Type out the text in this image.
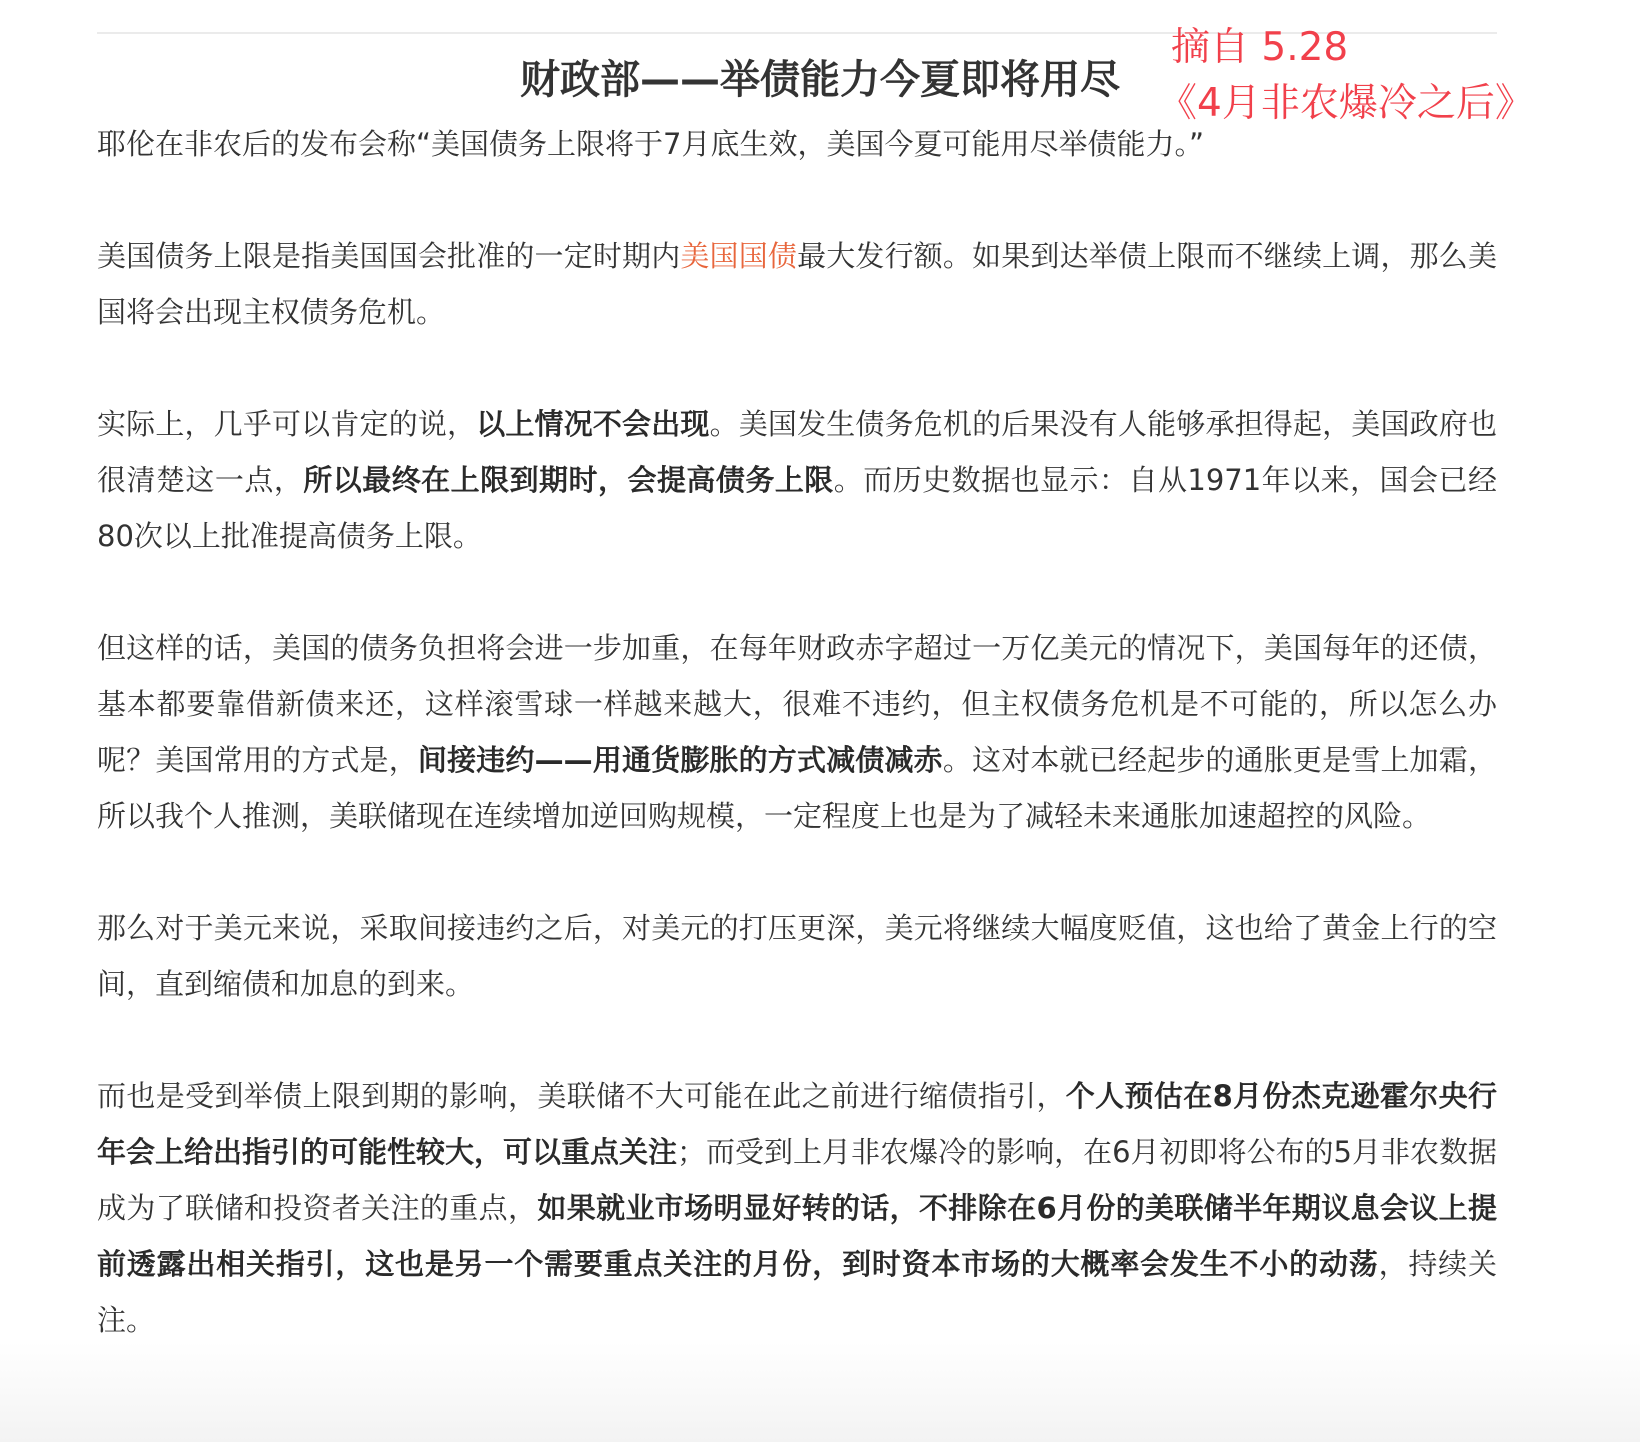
财政部——举债能力今夏即将用尽
摘自 5.28
《4月非农爆冷之后》

耶伦在非农后的发布会称“美国债务上限将于7月底生效，美国今夏可能用尽举债能力。”

美国债务上限是指美国国会批准的一定时期内美国国债最大发行额。如果到达举债上限而不继续上调，那么美国将会出现主权债务危机。

实际上，几乎可以肯定的说，以上情况不会出现。美国发生债务危机的后果没有人能够承担得起，美国政府也很清楚这一点，所以最终在上限到期时，会提高债务上限。而历史数据也显示：自从1971年以来，国会已经80次以上批准提高债务上限。

但这样的话，美国的债务负担将会进一步加重，在每年财政赤字超过一万亿美元的情况下，美国每年的还债，基本都要靠借新债来还，这样滚雪球一样越来越大，很难不违约，但主权债务危机是不可能的，所以怎么办呢？美国常用的方式是，间接违约——用通货膨胀的方式减债减赤。这对本就已经起步的通胀更是雪上加霜，所以我个人推测，美联储现在连续增加逆回购规模，一定程度上也是为了减轻未来通胀加速超控的风险。

那么对于美元来说，采取间接违约之后，对美元的打压更深，美元将继续大幅度贬值，这也给了黄金上行的空间，直到缩债和加息的到来。

而也是受到举债上限到期的影响，美联储不大可能在此之前进行缩债指引，个人预估在8月份杰克逊霍尔央行年会上给出指引的可能性较大，可以重点关注；而受到上月非农爆冷的影响，在6月初即将公布的5月非农数据成为了联储和投资者关注的重点，如果就业市场明显好转的话，不排除在6月份的美联储半年期议息会议上提前透露出相关指引，这也是另一个需要重点关注的月份，到时资本市场的大概率会发生不小的动荡，持续关注。
